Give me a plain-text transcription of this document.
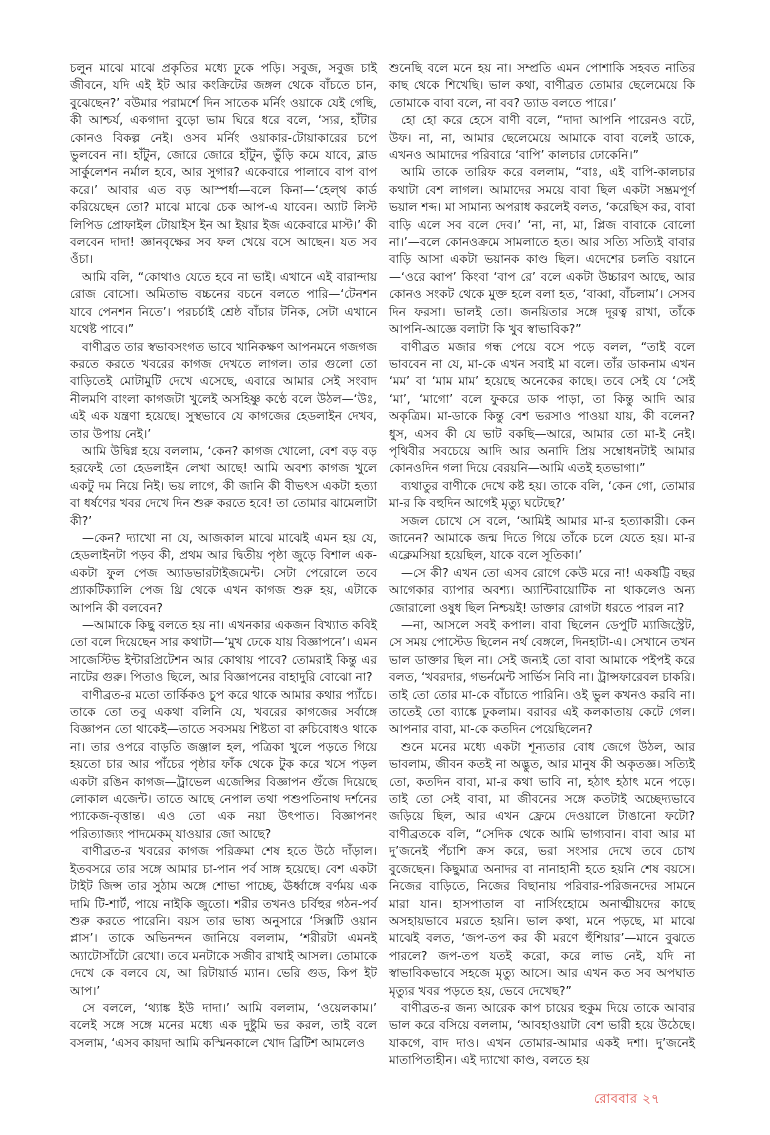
চলুন মাঝে মাঝে প্রকৃতির মধ্যে ঢুকে পড়ি। সবুজ, সবুজ চাই জীবনে, যদি এই ইট আর কংক্রিটের জঙ্গল থেকে বাঁচতে চান, বুঝেছেন?’ বউমার পরামর্শে দিন সাতেক মর্নিং ওয়াকে যেই গেছি, কী আশ্চর্য, একগাদা বুড়ো ভাম ঘিরে ধরে বলে, ‘স্যর, হাঁটার কোনও বিকল্প নেই। ওসব মর্নিং ওয়াকার-টোয়াকারের চপে ভুলবেন না। হাঁটুন, জোরে জোরে হাঁটুন, ভুঁড়ি কমে যাবে, ব্লাড সার্কুলেশন নর্মাল হবে, আর সুগার? একেবারে পালাবে বাপ বাপ করে।’ আবার এত বড় আস্পর্ধা—বলে কিনা—‘হেল্থ কার্ড করিয়েছেন তো? মাঝে মাঝে চেক আপ-এ যাবেন। অ্যাট লিস্ট লিপিড প্রোফাইল টোয়াইস ইন আ ইয়ার ইজ একেবারে মাস্ট।’ কী বলবেন দাদা! জ্ঞানবৃক্ষের সব ফল খেয়ে বসে আছেন। যত সব ওঁচা।

আমি বলি, “কোথাও যেতে হবে না ভাই। এখানে এই বারান্দায় রোজ বোসো। অমিতাভ বচ্চনের বচনে বলতে পারি—‘টেনশন যাবে পেনশন নিতে’। পরচর্চাই শ্রেষ্ঠ বাঁচার টনিক, সেটা এখানে যথেষ্ট পাবে।”

বাণীব্রত তার স্বভাবসংগত ভাবে খানিকক্ষণ আপনমনে গজগজ করতে করতে খবরের কাগজ দেখতে লাগল। তার গুলো তো বাড়িতেই মোটামুটি দেখে এসেছে, এবারে আমার সেই সংবাদ নীলমণি বাংলা কাগজটা খুলেই অসহিষ্ণু কণ্ঠে বলে উঠল—‘উঃ, এই এক যন্ত্রণা হয়েছে। সুস্থভাবে যে কাগজের হেডলাইন দেখব, তার উপায় নেই।’

আমি উদ্বিগ্ন হয়ে বললাম, ‘কেন? কাগজ খোলো, বেশ বড় বড় হরফেই তো হেডলাইন লেখা আছে! আমি অবশ্য কাগজ খুলে একটু দম নিয়ে নিই। ভয় লাগে, কী জানি কী বীভৎস একটা হত্যা বা ধর্ষণের খবর দেখে দিন শুরু করতে হবে! তা তোমার ঝামেলাটা কী?’

—কেন? দ্যাখো না যে, আজকাল মাঝে মাঝেই এমন হয় যে, হেডলাইনটা পড়ব কী, প্রথম আর দ্বিতীয় পৃষ্ঠা জুড়ে বিশাল এক-একটা ফুল পেজ অ্যাডভারটাইজমেন্ট। সেটা পেরোলে তবে প্র্যাকটিক্যালি পেজ থ্রি থেকে এখন কাগজ শুরু হয়, এটাকে আপনি কী বলবেন?

—আমাকে কিছু বলতে হয় না। এখনকার একজন বিখ্যাত কবিই তো বলে দিয়েছেন সার কথাটা—‘মুখ ঢেকে যায় বিজ্ঞাপনে’। এমন সাজেস্টিভ ইন্টারপ্রিটেশন আর কোথায় পাবে? তোমরাই কিন্তু এর নাটের গুরু। পিতাও ছিলে, আর বিজ্ঞাপনের বাহাদুরি বোঝো না?

বাণীব্রত-র মতো তার্কিকও চুপ করে থাকে আমার কথার প্যাঁচে। তাকে তো তবু একথা বলিনি যে, খবরের কাগজের সর্বাঙ্গে বিজ্ঞাপন তো থাকেই—তাতে সবসময় শিষ্টতা বা রুচিবোধও থাকে না। তার ওপরে বাড়তি জঞ্জাল হল, পত্রিকা খুলে পড়তে গিয়ে হয়তো চার আর পাঁচের পৃষ্ঠার ফাঁক থেকে টুক করে খসে পড়ল একটা রঙিন কাগজ—ট্রাভেল এজেন্সির বিজ্ঞাপন গুঁজে দিয়েছে লোকাল এজেন্ট। তাতে আছে নেপাল তথা পশুপতিনাথ দর্শনের প্যাকেজ-বৃত্তান্ত। এও তো এক নয়া উৎপাত। বিজ্ঞাপনং পরিত্যাজ্যং পাদমেকম্ যাওয়ার জো আছে?

বাণীব্রত-র খবরের কাগজ পরিক্রমা শেষ হতে উঠে দাঁড়াল। ইতবসরে তার সঙ্গে আমার চা-পান পর্ব সাঙ্গ হয়েছে। বেশ একটা টাইট জিন্স তার সুঠাম অঙ্গে শোভা পাচ্ছে, ঊর্ধ্বাঙ্গে বর্ণময় এক দামি টি-শার্ট, পায়ে নাইকি জুতো। শরীর তখনও চর্বিহুর গঠন-পর্ব শুরু করতে পারেনি। বয়স তার ভাষ্য অনুসারে ‘সিক্সটি ওয়ান প্লাস’। তাকে অভিনন্দন জানিয়ে বললাম, ‘শরীরটা এমনই অ্যাটোসাঁটো রেখো। তবে মনটাকে সজীব রাখাই আসল। তোমাকে দেখে কে বলবে যে, আ রিটায়ার্ড ম্যান। ভেরি গুড, কিপ ইট আপ।’

সে বললে, ‘থ্যাঙ্ক ইউ দাদা।’ আমি বললাম, ‘ওয়েলকাম।’ বলেই সঙ্গে সঙ্গে মনের মধ্যে এক দুষ্টুমি ভর করল, তাই বলে বসলাম, ‘এসব কায়দা আমি কস্মিনকালে খোদ ব্রিটিশ আমলেও

শুনেছি বলে মনে হয় না। সম্প্রতি এমন পোশাকি সহবত নাতির কাছ থেকে শিখেছি। ভাল কথা, বাণীব্রত তোমার ছেলেমেয়ে কি তোমাকে বাবা বলে, না বব? ড্যাড বলতে পারে।’

হো হো করে হেসে বাণী বলে, “দাদা আপনি পারেনও বটে, উফ। না, না, আমার ছেলেমেয়ে আমাকে বাবা বলেই ডাকে, এখনও আমাদের পরিবারে ‘বাপি’ কালচার ঢোকেনি।”

আমি তাকে তারিফ করে বললাম, “বাঃ, এই বাপি-কালচার কথাটা বেশ লাগল। আমাদের সময়ে বাবা ছিল একটা সম্ভ্রমপূর্ণ ভয়াল শব্দ। মা সামান্য অপরাধ করলেই বলত, ‘করেছিস কর, বাবা বাড়ি এলে সব বলে দেব।’ ‘না, না, মা, প্লিজ বাবাকে বোলো না।’—বলে কোনওক্রমে সামলাতে হত। আর সত্যি সত্যিই বাবার বাড়ি আসা একটা ভয়ানক কাণ্ড ছিল। এদেশের চলতি বয়ানে—‘ওরে ব্বাপ’ কিংবা ‘বাপ রে’ বলে একটা উচ্চারণ আছে, আর কোনও সংকট থেকে মুক্ত হলে বলা হত, ‘বাব্বা, বাঁচলাম’। সেসব দিন ফরসা। ভালই তো। জনয়িতার সঙ্গে দূরত্ব রাখা, তাঁকে আপনি-আজ্ঞে বলাটা কি খুব স্বাভাবিক?”

বাণীব্রত মজার গন্ধ পেয়ে বসে পড়ে বলল, “তাই বলে ভাববেন না যে, মা-কে এখন সবাই মা বলে। তাঁর ডাকনাম এখন ‘মম’ বা ‘মাম মাম’ হয়েছে অনেকের কাছে। তবে সেই যে ‘সেই ‘মা’, ‘মাগো’ বলে ফুকরে ডাক পাড়া, তা কিন্তু আদি আর অকৃত্রিম। মা-ডাকে কিন্তু বেশ ভরসাও পাওয়া যায়, কী বলেন? ধুস, এসব কী যে ভাট বকছি—আরে, আমার তো মা-ই নেই। পৃথিবীর সবচেয়ে আদি আর অনাদি প্রিয় সম্বোধনটাই আমার কোনওদিন গলা দিয়ে বেরয়নি—আমি এতই হতভাগা।”

ব্যথাতুর বাণীকে দেখে কষ্ট হয়। তাকে বলি, ‘কেন গো, তোমার মা-র কি বহুদিন আগেই মৃত্যু ঘটেছে?’

সজল চোখে সে বলে, ‘আমিই আমার মা-র হত্যাকারী। কেন জানেন? আমাকে জন্ম দিতে গিয়ে তাঁকে চলে যেতে হয়। মা-র এক্লেমসিয়া হয়েছিল, যাকে বলে সূতিকা।’

—সে কী? এখন তো এসব রোগে কেউ মরে না! একষট্টি বছর আগেকার ব্যাপার অবশ্য। অ্যান্টিবায়োটিক না থাকলেও অন্য জোরালো ওষুধ ছিল নিশ্চয়ই! ডাক্তার রোগটা ধরতে পারল না?

—না, আসলে সবই কপাল। বাবা ছিলেন ডেপুটি ম্যাজিস্ট্রেট, সে সময় পোস্টেড ছিলেন নর্থ বেঙ্গলে, দিনহাটা-এ। সেখানে তখন ভাল ডাক্তার ছিল না। সেই জন্যই তো বাবা আমাকে পইপই করে বলত, ‘খবরদার, গভর্নমেন্ট সার্ভিস নিবি না। ট্রান্সফারেবল চাকরি। তাই তো তোর মা-কে বাঁচাতে পারিনি। ওই ভুল কখনও করবি না। তাতেই তো ব্যাঙ্কে ঢুকলাম। বরাবর এই কলকাতায় কেটে গেল। আপনার বাবা, মা-কে কতদিন পেয়েছিলেন?

শুনে মনের মধ্যে একটা শূন্যতার বোধ জেগে উঠল, আর ভাবলাম, জীবন কতই না অদ্ভুত, আর মানুষ কী অকৃতজ্ঞ। সত্যিই তো, কতদিন বাবা, মা-র কথা ভাবি না, হঠাৎ হঠাৎ মনে পড়ে। তাই তো সেই বাবা, মা জীবনের সঙ্গে কতটাই অচ্ছেদ্যভাবে জড়িয়ে ছিল, আর এখন ফ্রেমে দেওয়ালে টাঙানো ফটো? বাণীব্রতকে বলি, “সেদিক থেকে আমি ভাগ্যবান। বাবা আর মা দু’জনেই পঁচাশি ক্রস করে, ভরা সংসার দেখে তবে চোখ বুজেছেন। কিছুমাত্র অনাদর বা নানাহানী হতে হয়নি শেষ বয়সে। নিজের বাড়িতে, নিজের বিছানায় পরিবার-পরিজনদের সামনে মারা যান। হাসপাতাল বা নার্সিংহোমে অনাত্মীয়দের কাছে অসহায়ভাবে মরতে হয়নি। ভাল কথা, মনে পড়ছে, মা মাঝে মাঝেই বলত, ‘জপ-তপ কর কী মরণে হুঁশিয়ার’—মানে বুঝতে পারলে? জপ-তপ যতই করো, করে লাভ নেই, যদি না স্বাভাবিকভাবে সহজে মৃত্যু আসে। আর এখন কত সব অপঘাত মৃত্যুর খবর পড়তে হয়, ভেবে দেখেছ?”

বাণীব্রত-র জন্য আরেক কাপ চায়ের হুকুম দিয়ে তাকে আবার ভাল করে বসিয়ে বললাম, ‘আবহাওয়াটা বেশ ভারী হয়ে উঠেছে। যাকগে, বাদ দাও। এখন তোমার-আমার একই দশা। দু’জনেই মাতাপিতাহীন। এই দ্যাখো কাণ্ড, বলতে হয়

রোববার ২৭
